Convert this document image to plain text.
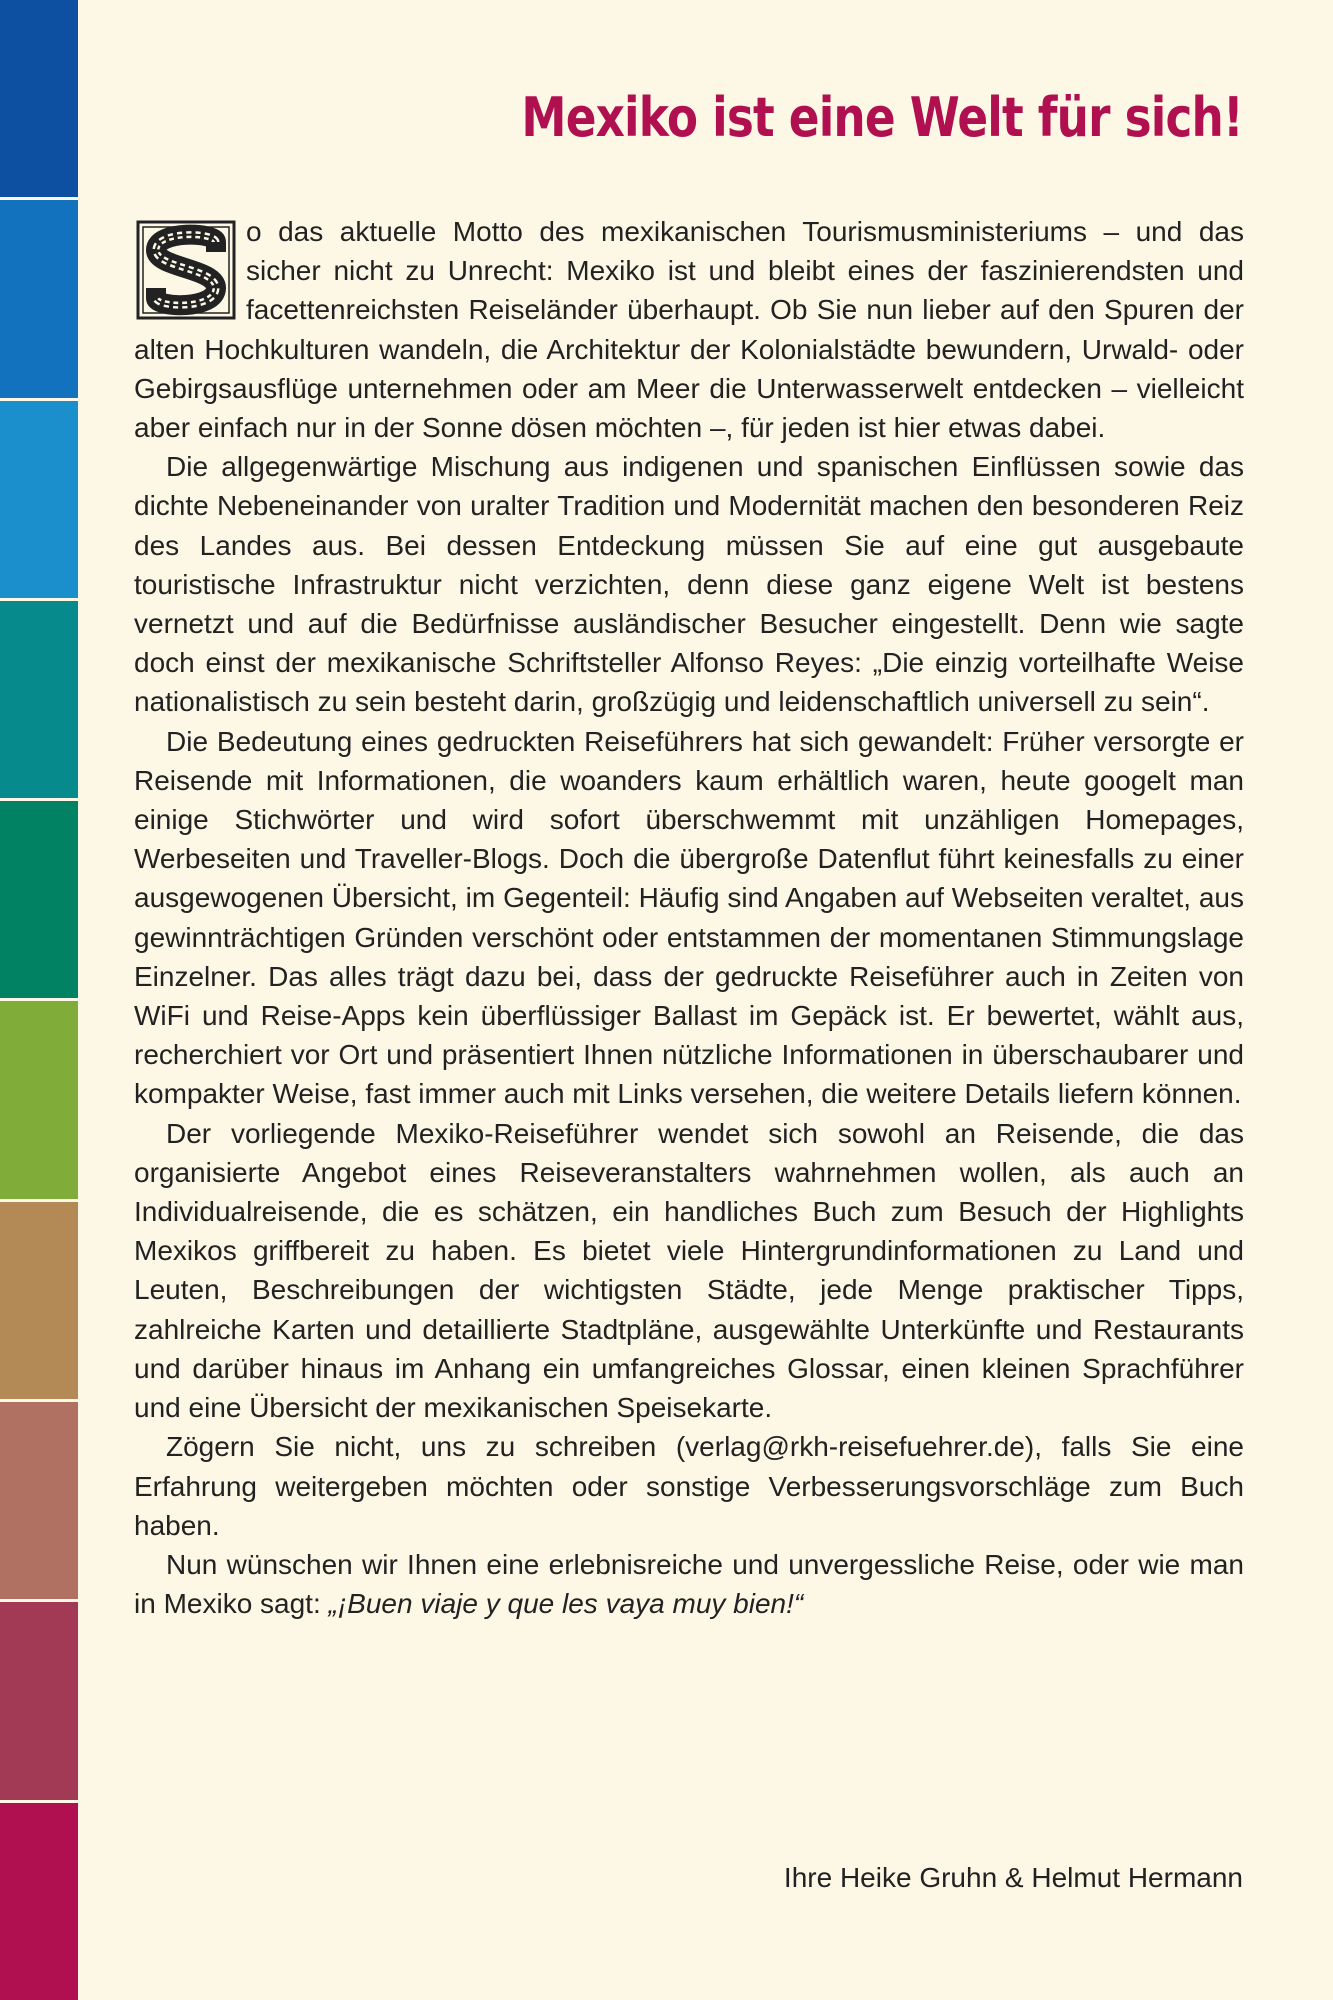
Mexiko ist eine Welt für sich!

o das aktuelle Motto des mexikanischen Tourismusministeriums – und das sicher nicht zu Unrecht: Mexiko ist und bleibt eines der faszinierendsten und facettenreichsten Reiseländer überhaupt. Ob Sie nun lieber auf den Spuren der alten Hochkulturen wandeln, die Architektur der Kolonialstädte bewundern, Urwald- oder Gebirgsausflüge unternehmen oder am Meer die Unterwasserwelt entdecken – vielleicht aber einfach nur in der Sonne dösen möchten –, für jeden ist hier etwas dabei.

Die allgegenwärtige Mischung aus indigenen und spanischen Einflüssen sowie das dichte Nebeneinander von uralter Tradition und Modernität machen den besonderen Reiz des Landes aus. Bei dessen Entdeckung müssen Sie auf eine gut ausgebaute touristische Infrastruktur nicht verzichten, denn diese ganz eigene Welt ist bestens vernetzt und auf die Bedürfnisse ausländischer Besucher eingestellt. Denn wie sagte doch einst der mexikanische Schriftsteller Alfonso Reyes: „Die einzig vorteilhafte Weise nationalistisch zu sein besteht darin, großzügig und leidenschaftlich universell zu sein“.

Die Bedeutung eines gedruckten Reiseführers hat sich gewandelt: Früher versorgte er Reisende mit Informationen, die woanders kaum erhältlich waren, heute googelt man einige Stichwörter und wird sofort überschwemmt mit unzähligen Homepages, Werbeseiten und Traveller-Blogs. Doch die übergroße Datenflut führt keinesfalls zu einer ausgewogenen Übersicht, im Gegenteil: Häufig sind Angaben auf Webseiten veraltet, aus gewinnträchtigen Gründen verschönt oder entstammen der momentanen Stimmungslage Einzelner. Das alles trägt dazu bei, dass der gedruckte Reiseführer auch in Zeiten von WiFi und Reise-Apps kein überflüssiger Ballast im Gepäck ist. Er bewertet, wählt aus, recherchiert vor Ort und präsentiert Ihnen nützliche Informationen in überschaubarer und kompakter Weise, fast immer auch mit Links versehen, die weitere Details liefern können.

Der vorliegende Mexiko-Reiseführer wendet sich sowohl an Reisende, die das organisierte Angebot eines Reiseveranstalters wahrnehmen wollen, als auch an Individualreisende, die es schätzen, ein handliches Buch zum Besuch der Highlights Mexikos griffbereit zu haben. Es bietet viele Hintergrundinformationen zu Land und Leuten, Beschreibungen der wichtigsten Städte, jede Menge praktischer Tipps, zahlreiche Karten und detaillierte Stadtpläne, ausgewählte Unterkünfte und Restaurants und darüber hinaus im Anhang ein umfangreiches Glossar, einen kleinen Sprachführer und eine Übersicht der mexikanischen Speisekarte.

Zögern Sie nicht, uns zu schreiben (verlag@rkh-reisefuehrer.de), falls Sie eine Erfahrung weitergeben möchten oder sonstige Verbesserungsvorschläge zum Buch haben.

Nun wünschen wir Ihnen eine erlebnisreiche und unvergessliche Reise, oder wie man in Mexiko sagt: „¡Buen viaje y que les vaya muy bien!“

Ihre Heike Gruhn & Helmut Hermann
